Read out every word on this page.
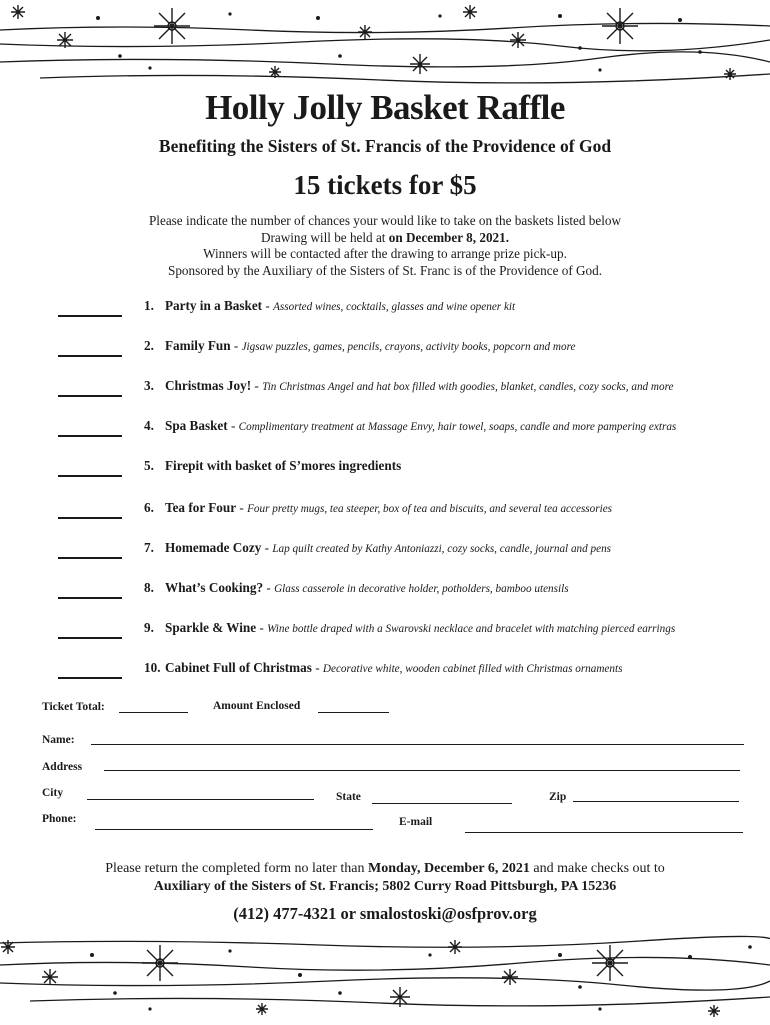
Holly Jolly Basket Raffle
Benefiting the Sisters of St. Francis of the Providence of God
15 tickets for $5
Please indicate the number of chances your would like to take on the baskets listed below
Drawing will be held at on December 8, 2021.
Winners will be contacted after the drawing to arrange prize pick-up.
Sponsored by the Auxiliary of the Sisters of St. Franc is of the Providence of God.
1. Party in a Basket - Assorted wines, cocktails, glasses and wine opener kit
2. Family Fun - Jigsaw puzzles, games, pencils, crayons, activity books, popcorn and more
3. Christmas Joy! - Tin Christmas Angel and hat box filled with goodies, blanket, candles, cozy socks, and more
4. Spa Basket - Complimentary treatment at Massage Envy, hair towel, soaps, candle and more pampering extras
5. Firepit with basket of S’mores ingredients
6. Tea for Four - Four pretty mugs, tea steeper, box of tea and biscuits, and several tea accessories
7. Homemade Cozy - Lap quilt created by Kathy Antoniazzi, cozy socks, candle, journal and pens
8. What’s Cooking? - Glass casserole in decorative holder, potholders, bamboo utensils
9. Sparkle & Wine - Wine bottle draped with a Swarovski necklace and bracelet with matching pierced earrings
10. Cabinet Full of Christmas - Decorative white, wooden cabinet filled with Christmas ornaments
Ticket Total:	Amount Enclosed
Name:
Address
City	State	Zip
Phone:	E-mail
Please return the completed form no later than Monday, December 6, 2021 and make checks out to
Auxiliary of the Sisters of St. Francis; 5802 Curry Road Pittsburgh, PA 15236
(412) 477-4321 or smalostoski@osfprov.org
